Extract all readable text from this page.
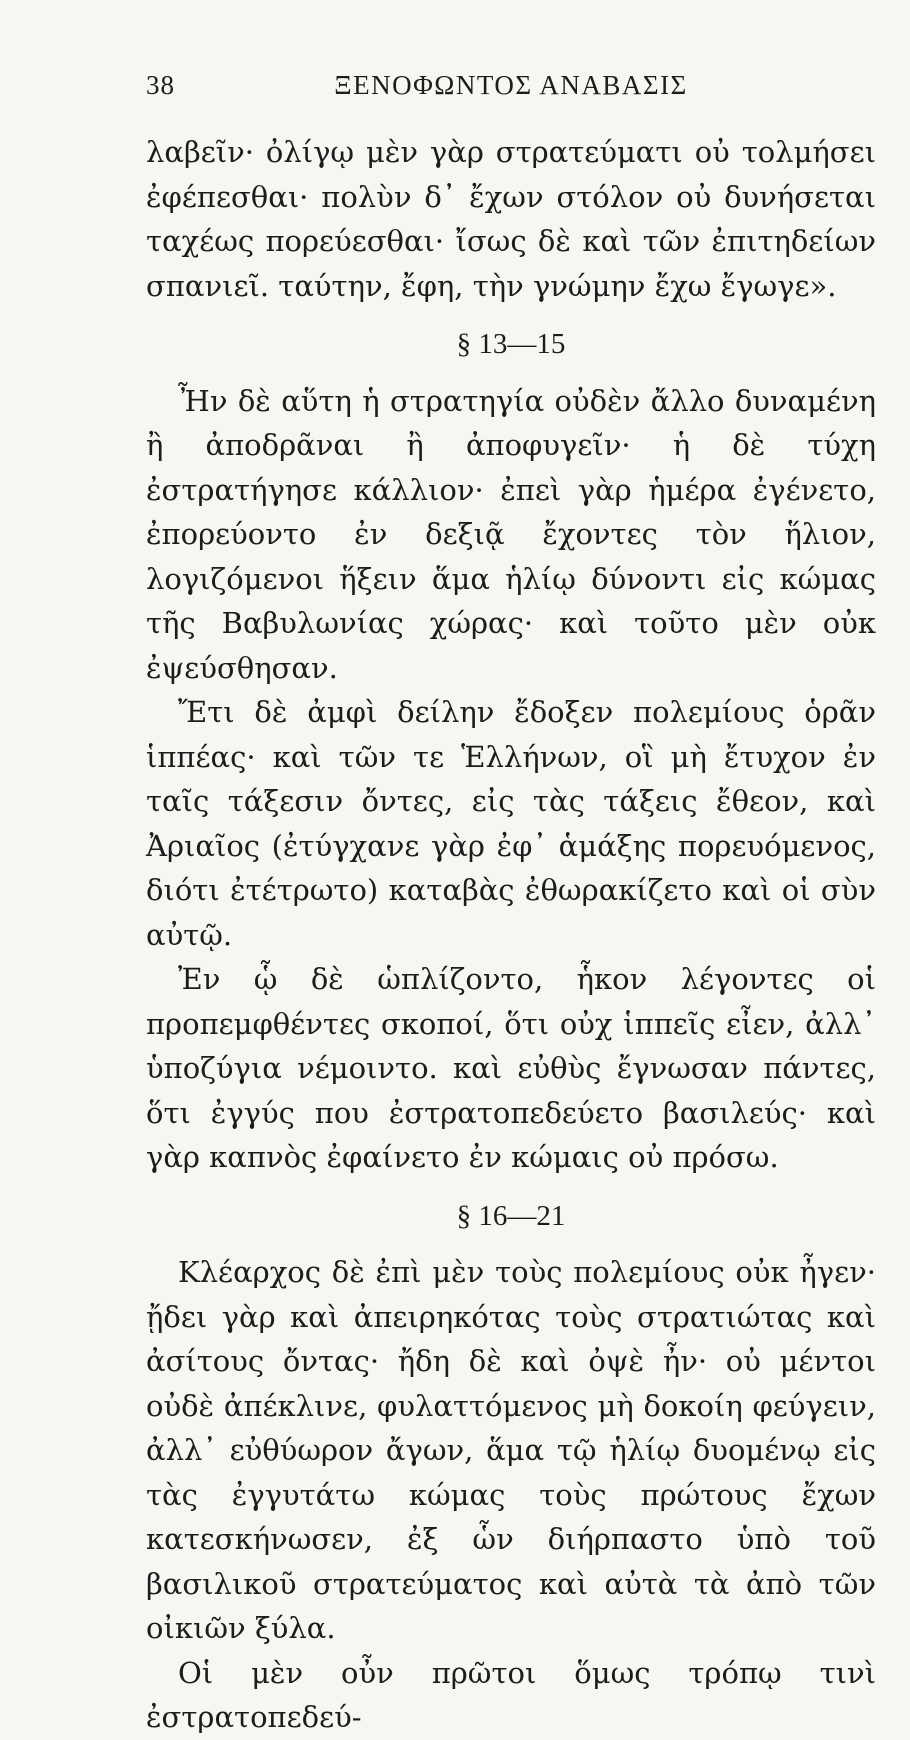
38	ΞΕΝΟΦΩΝΤΟΣ ΑΝΑΒΑΣΙΣ

λαβεῖν· ὀλίγῳ μὲν γὰρ στρατεύματι οὐ τολμήσει ἐφέπεσθαι· πολὺν δ᾽ ἔχων στόλον οὐ δυνήσεται ταχέως πορεύεσθαι· ἴσως δὲ καὶ τῶν ἐπιτηδείων σπανιεῖ. ταύτην, ἔφη, τὴν γνώμην ἔχω ἔγωγε».

§ 13—15

Ἦν δὲ αὕτη ἡ στρατηγία οὐδὲν ἄλλο δυναμένη ἢ ἀποδρᾶναι ἢ ἀποφυγεῖν· ἡ δὲ τύχη ἐστρατήγησε κάλλιον· ἐπεὶ γὰρ ἡμέρα ἐγένετο, ἐπορεύοντο ἐν δεξιᾷ ἔχοντες τὸν ἥλιον, λογιζόμενοι ἥξειν ἅμα ἡλίῳ δύνοντι εἰς κώμας τῆς Βαβυλωνίας χώρας· καὶ τοῦτο μὲν οὐκ ἐψεύσθησαν.

Ἔτι δὲ ἀμφὶ δείλην ἔδοξεν πολεμίους ὁρᾶν ἱππέας· καὶ τῶν τε Ἑλλήνων, οἳ μὴ ἔτυχον ἐν ταῖς τάξεσιν ὄντες, εἰς τὰς τάξεις ἔθεον, καὶ Ἀριαῖος (ἐτύγχανε γὰρ ἐφ᾽ ἁμάξης πορευόμενος, διότι ἐτέτρωτο) καταβὰς ἐθωρακίζετο καὶ οἱ σὺν αὐτῷ.

Ἐν ᾧ δὲ ὡπλίζοντο, ἧκον λέγοντες οἱ προπεμφθέντες σκοποί, ὅτι οὐχ ἱππεῖς εἶεν, ἀλλ᾽ ὑποζύγια νέμοιντο. καὶ εὐθὺς ἔγνωσαν πάντες, ὅτι ἐγγύς που ἐστρατοπεδεύετο βασιλεύς· καὶ γὰρ καπνὸς ἐφαίνετο ἐν κώμαις οὐ πρόσω.

§ 16—21

Κλέαρχος δὲ ἐπὶ μὲν τοὺς πολεμίους οὐκ ἦγεν· ᾔδει γὰρ καὶ ἀπειρηκότας τοὺς στρατιώτας καὶ ἀσίτους ὄντας· ἤδη δὲ καὶ ὀψὲ ἦν· οὐ μέντοι οὐδὲ ἀπέκλινε, φυλαττόμενος μὴ δοκοίη φεύγειν, ἀλλ᾽ εὐθύωρον ἄγων, ἅμα τῷ ἡλίῳ δυομένῳ εἰς τὰς ἐγγυτάτω κώμας τοὺς πρώτους ἔχων κατεσκήνωσεν, ἐξ ὧν διήρπαστο ὑπὸ τοῦ βασιλικοῦ στρατεύματος καὶ αὐτὰ τὰ ἀπὸ τῶν οἰκιῶν ξύλα.

Οἱ μὲν οὖν πρῶτοι ὅμως τρόπῳ τινὶ ἐστρατοπεδεύ-
